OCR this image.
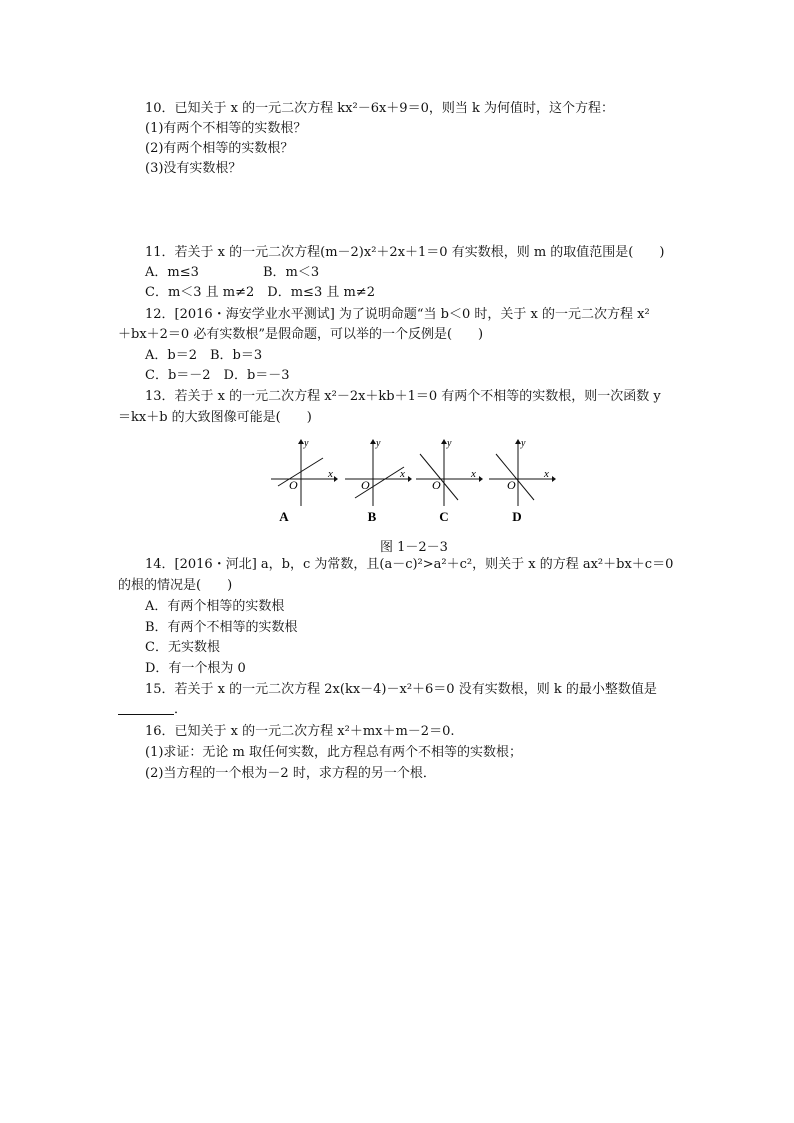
10．已知关于 x 的一元二次方程 kx²－6x＋9＝0，则当 k 为何值时，这个方程：
(1)有两个不相等的实数根？
(2)有两个相等的实数根？
(3)没有实数根？
11．若关于 x 的一元二次方程(m－2)x²＋2x＋1＝0 有实数根，则 m 的取值范围是(　　)
A．m≤3	B．m＜3
C．m＜3 且 m≠2　D．m≤3 且 m≠2
12．[2016・海安学业水平测试] 为了说明命题“当 b＜0 时，关于 x 的一元二次方程 x²
＋bx＋2＝0 必有实数根”是假命题，可以举的一个反例是(　　)
A．b＝2　B．b＝3
C．b＝－2　D．b＝－3
13．若关于 x 的一元二次方程 x²－2x＋kb＋1＝0 有两个不相等的实数根，则一次函数 y
＝kx＋b 的大致图像可能是(　　)
A
y
x
O
B
y
x
O
C
y
x
O
D
y
x
O
图 1－2－3
14．[2016・河北] a，b，c 为常数，且(a－c)²>a²＋c²，则关于 x 的方程 ax²＋bx＋c＝0
的根的情况是(　　)
A．有两个相等的实数根
B．有两个不相等的实数根
C．无实数根
D．有一个根为 0
15．若关于 x 的一元二次方程 2x(kx－4)－x²＋6＝0 没有实数根，则 k 的最小整数值是
．
16．已知关于 x 的一元二次方程 x²＋mx＋m－2＝0.
(1)求证：无论 m 取任何实数，此方程总有两个不相等的实数根；
(2)当方程的一个根为－2 时，求方程的另一个根．
